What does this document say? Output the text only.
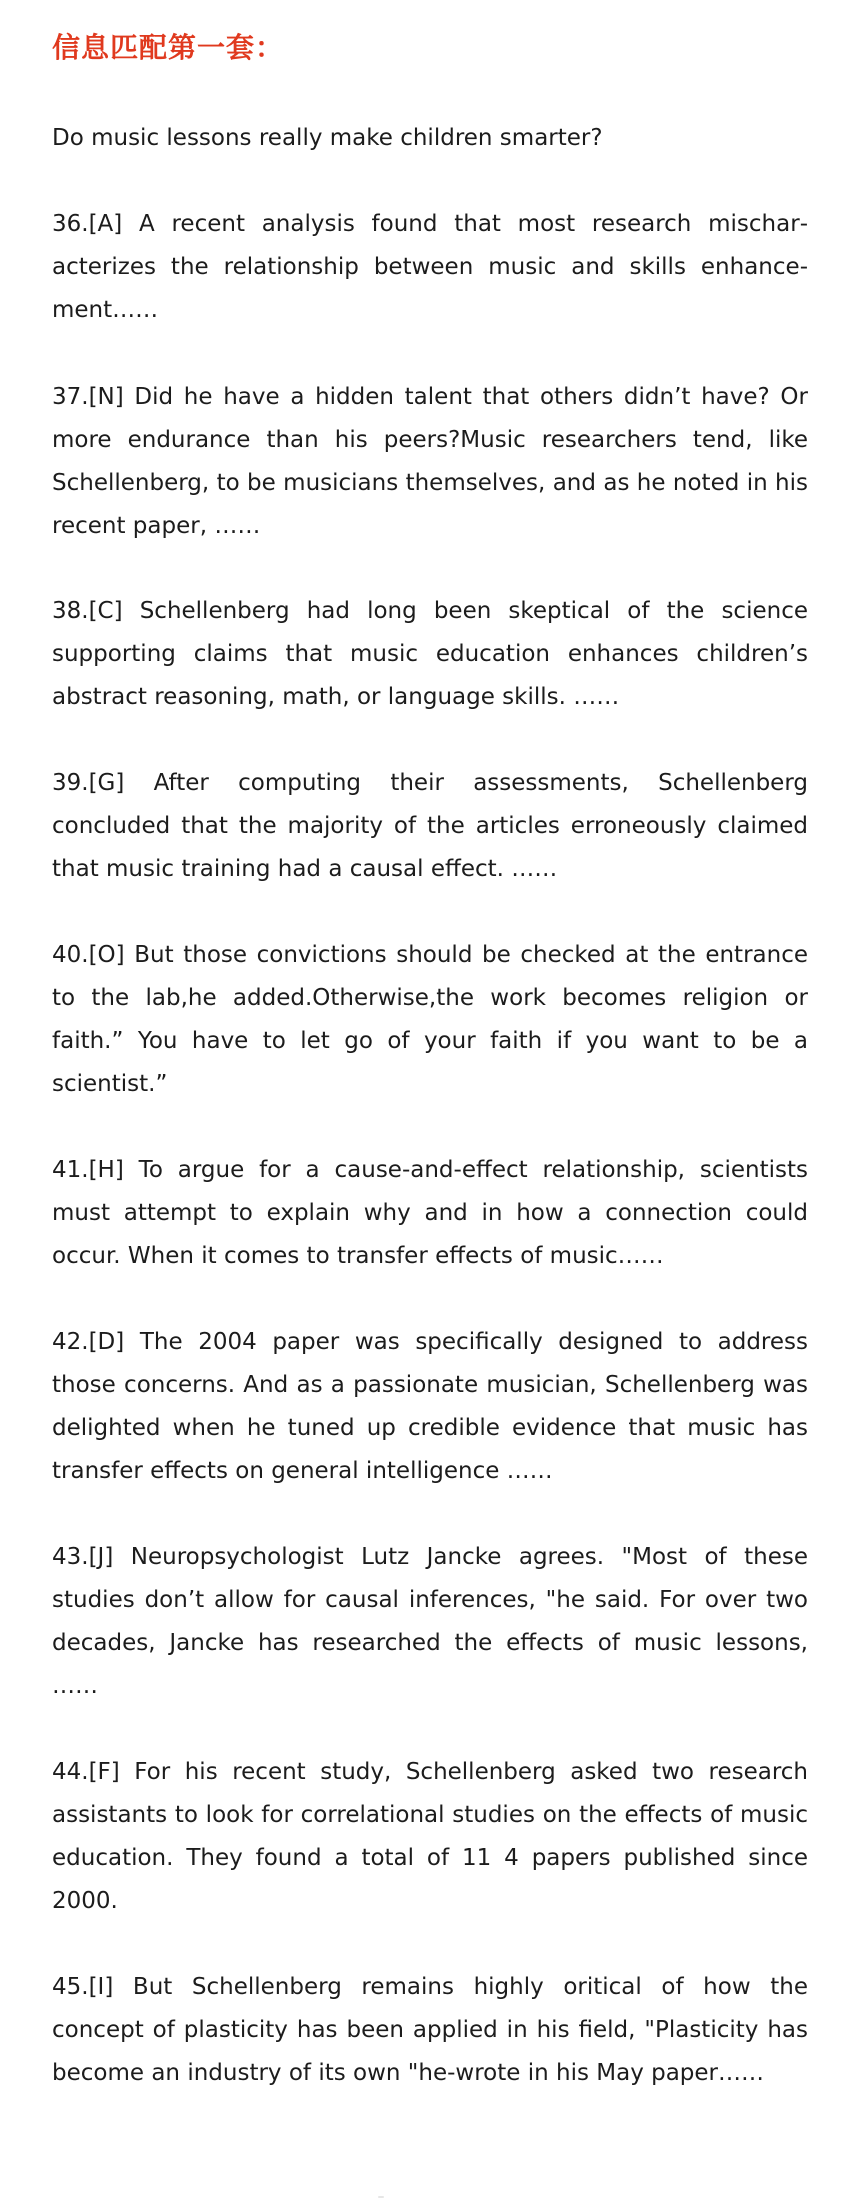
信息匹配第一套：

Do music lessons really make children smarter?

36.[A] A recent analysis found that most research mischaracterizes the relationship between music and skills enhancement……

37.[N] Did he have a hidden talent that others didn’t have? Or more endurance than his peers?Music researchers tend, like Schellenberg, to be musicians themselves, and as he noted in his recent paper, ……

38.[C] Schellenberg had long been skeptical of the science supporting claims that music education enhances children’s abstract reasoning, math, or language skills. ……

39.[G] After computing their assessments, Schellenberg concluded that the majority of the articles erroneously claimed that music training had a causal effect. ……

40.[O] But those convictions should be checked at the entrance to the lab,he added.Otherwise,the work becomes religion or faith.” You have to let go of your faith if you want to be a scientist.”

41.[H] To argue for a cause-and-effect relationship, scientists must attempt to explain why and in how a connection could occur. When it comes to transfer effects of music……

42.[D] The 2004 paper was specifically designed to address those concerns. And as a passionate musician, Schellenberg was delighted when he tuned up credible evidence that music has transfer effects on general intelligence ……

43.[J] Neuropsychologist Lutz Jancke agrees. "Most of these studies don’t allow for causal inferences, "he said. For over two decades, Jancke has researched the effects of music lessons, ……

44.[F] For his recent study, Schellenberg asked two research assistants to look for correlational studies on the effects of music education. They found a total of 11 4 papers published since 2000.

45.[I] But Schellenberg remains highly oritical of how the concept of plasticity has been applied in his field, "Plasticity has become an industry of its own "he-wrote in his May paper……
